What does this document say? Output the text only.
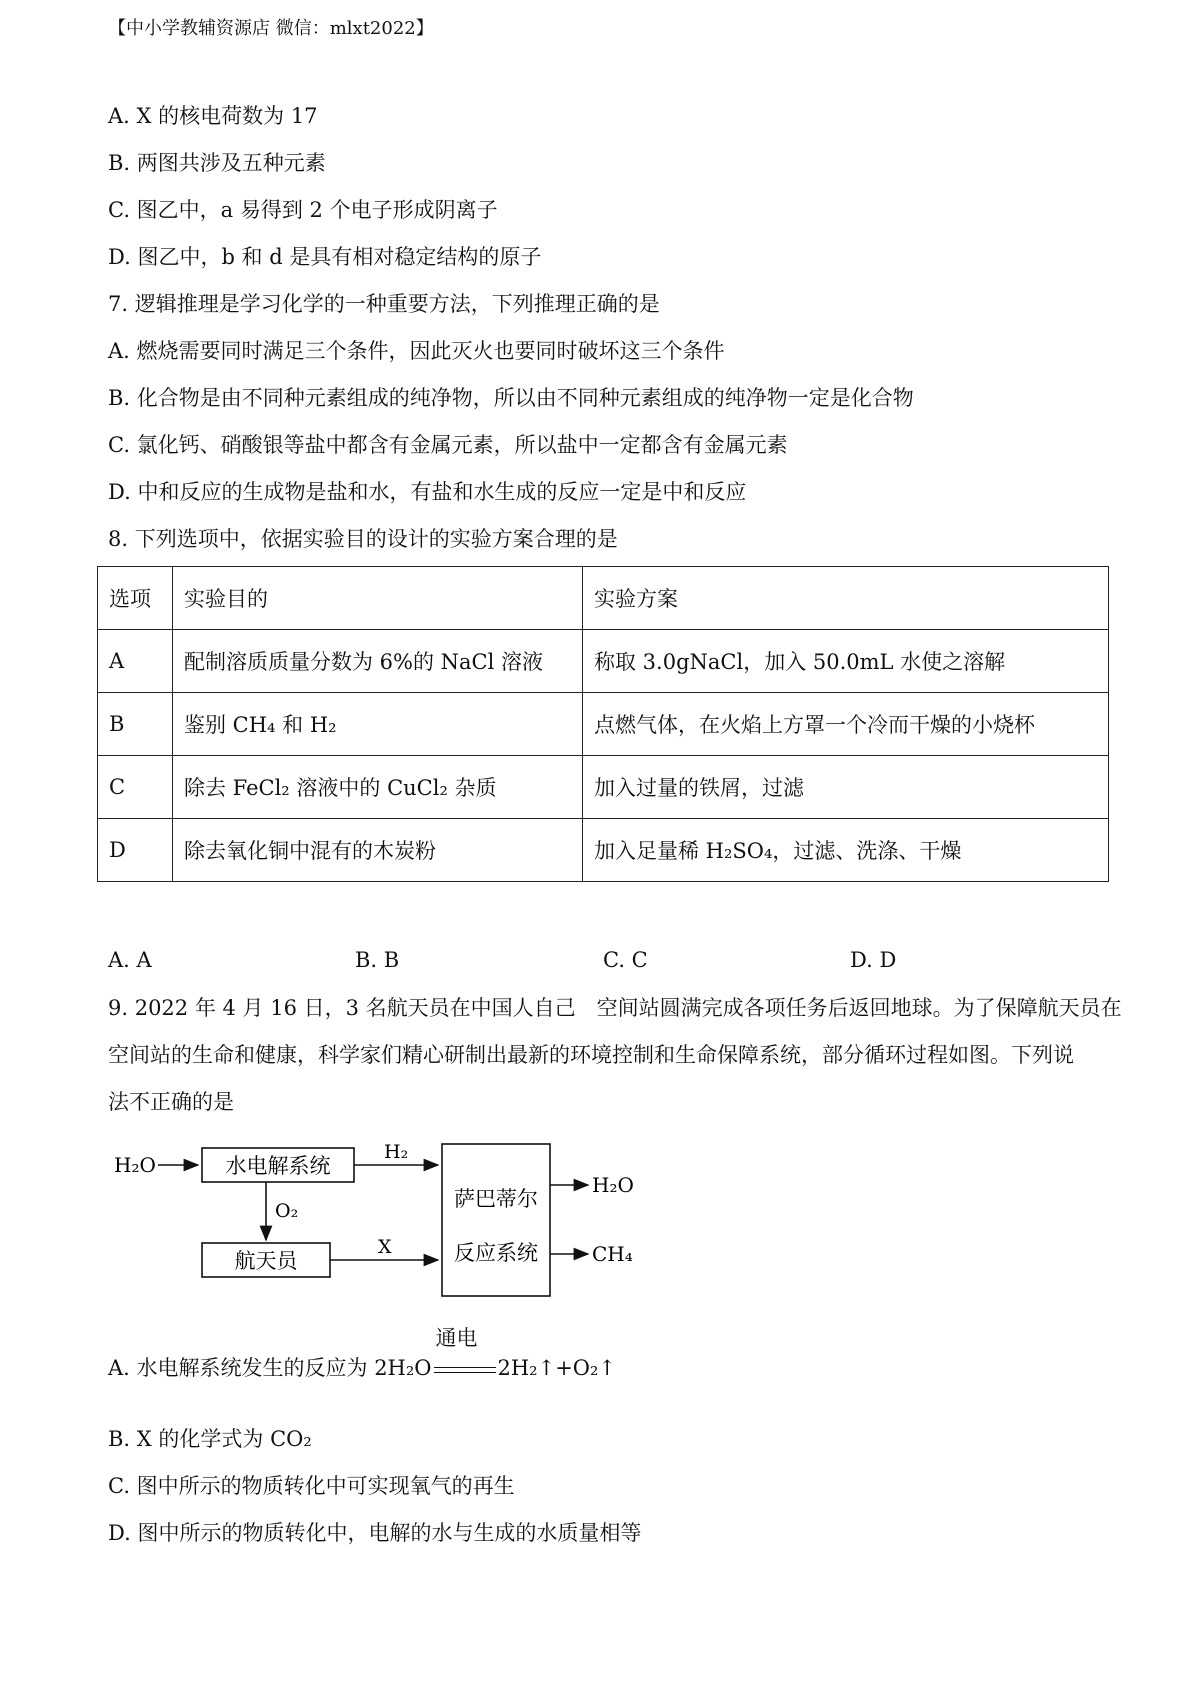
【中小学教辅资源店 微信：mlxt2022】
A. X 的核电荷数为 17
B. 两图共涉及五种元素
C. 图乙中，a 易得到 2 个电子形成阴离子
D. 图乙中，b 和 d 是具有相对稳定结构的原子
7. 逻辑推理是学习化学的一种重要方法，下列推理正确的是
A. 燃烧需要同时满足三个条件，因此灭火也要同时破坏这三个条件
B. 化合物是由不同种元素组成的纯净物，所以由不同种元素组成的纯净物一定是化合物
C. 氯化钙、硝酸银等盐中都含有金属元素，所以盐中一定都含有金属元素
D. 中和反应的生成物是盐和水，有盐和水生成的反应一定是中和反应
8. 下列选项中，依据实验目的设计的实验方案合理的是
选项	实验目的	实验方案
A	配制溶质质量分数为 6%的 NaCl 溶液	称取 3.0gNaCl，加入 50.0mL 水使之溶解
B	鉴别 CH₄ 和 H₂	点燃气体，在火焰上方罩一个冷而干燥的小烧杯
C	除去 FeCl₂ 溶液中的 CuCl₂ 杂质	加入过量的铁屑，过滤
D	除去氧化铜中混有的木炭粉	加入足量稀 H₂SO₄，过滤、洗涤、干燥
A. A	B. B	C. C	D. D
9. 2022 年 4 月 16 日，3 名航天员在中国人自己　空间站圆满完成各项任务后返回地球。为了保障航天员在
空间站的生命和健康，科学家们精心研制出最新的环境控制和生命保障系统，部分循环过程如图。下列说
法不正确的是
H₂O	水电解系统
H₂
O₂
航天员
X
萨巴蒂尔
反应系统
H₂O
CH₄
A. 水电解系统发生的反应为 2H₂O
通电
2H₂↑+O₂↑
B. X 的化学式为 CO₂
C. 图中所示的物质转化中可实现氧气的再生
D. 图中所示的物质转化中，电解的水与生成的水质量相等
